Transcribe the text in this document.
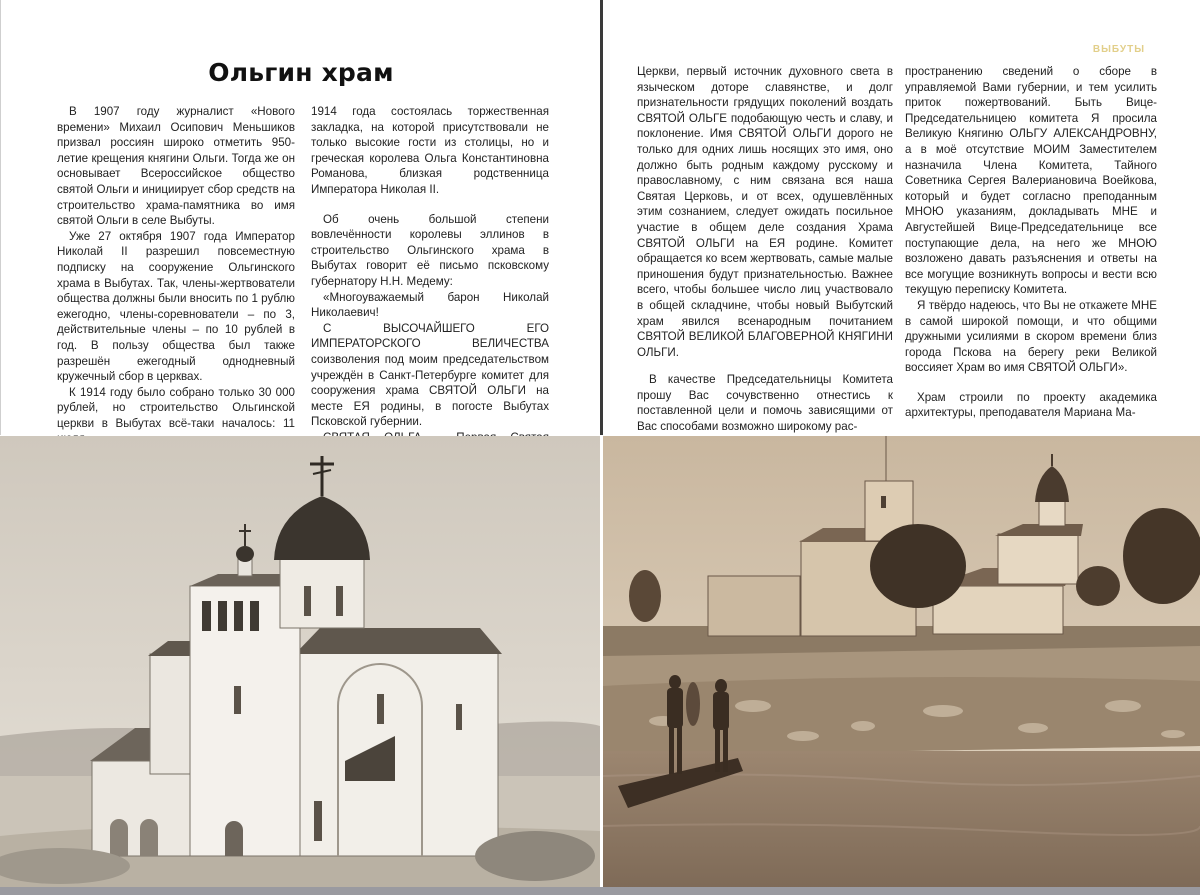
Ольгин храм

В 1907 году журналист «Нового времени» Михаил Осипович Меньшиков призвал россиян широко отметить 950-летие крещения княгини Ольги. Тогда же он основывает Всероссийское общество святой Ольги и инициирует сбор средств на строительство храма-памятника во имя святой Ольги в селе Выбуты.

Уже 27 октября 1907 года Император Николай II разрешил повсеместную подписку на сооружение Ольгинского храма в Выбутах. Так, члены-жертвователи общества должны были вносить по 1 рублю ежегодно, члены-соревнователи – по 3, действительные члены – по 10 рублей в год. В пользу общества был также разрешён ежегодный однодневный кружечный сбор в церквах.

К 1914 году было собрано только 30 000 рублей, но строительство Ольгинской церкви в Выбутах всё-таки началось: 11

1914 года состоялась торжественная закладка, на которой присутствовали не только высокие гости из столицы, но и греческая королева Ольга Константиновна Романова, близкая родственница Императора Николая II.

Об очень большой степени вовлечённости королевы эллинов в строительство Ольгинского храма в Выбутах говорит её письмо псковскому губернатору Н.Н. Медему:

«Многоуважаемый барон Николай Николаевич!

С ВЫСОЧАЙШЕГО ЕГО ИМПЕРАТОРСКОГО ВЕЛИЧЕСТВА соизволения под моим председательством учреждён в Санкт-Петербурге комитет для сооружения храма СВЯТОЙ ОЛЬГИ на месте ЕЯ родины, в погосте Выбутах Псковской губернии.

ВЫБУТЫ

Церкви, первый источник духовного света в языческом доторе славянстве, и долг признательности грядущих поколений воздать СВЯТОЙ ОЛЬГЕ подобающую честь и славу, и поклонение. Имя СВЯТОЙ ОЛЬГИ дорого не только для одних лишь носящих это имя, оно должно быть родным каждому русскому и православному, с ним связана вся наша Святая Церковь, и от всех, одушевлённых этим сознанием, следует ожидать посильное участие в общем деле создания Храма СВЯТОЙ ОЛЬГИ на ЕЯ родине. Комитет обращается ко всем жертвовать, самые малые приношения будут признательностью. Важнее всего, чтобы большее число лиц участвовало в общей складчине, чтобы новый Выбутский храм явился всенародным почитанием СВЯТОЙ ВЕЛИКОЙ БЛАГОВЕРНОЙ КНЯГИНИ ОЛЬГИ.

В качестве Председательницы Комитета прошу Вас сочувственно отнестись к поставленной цели и помочь зависящими от Вас способами возможно широкому рас-

пространению сведений о сборе в управляемой Вами губернии, и тем усилить приток пожертвований. Быть Вице-Председательницею комитета Я просила Великую Княгиню ОЛЬГУ АЛЕКСАНДРОВНУ, а в моё отсутствие МОИМ Заместителем назначила Члена Комитета, Тайного Советника Сергея Валериановича Воейкова, который и будет согласно преподанным МНОЮ указаниям, докладывать МНЕ и Августейшей Вице-Председательнице все поступающие дела, на него же МНОЮ возложено давать разъяснения и ответы на все могущие возникнуть вопросы и вести всю текущую переписку Комитета.

Я твёрдо надеюсь, что Вы не откажете МНЕ в самой широкой помощи, и что общими дружными усилиями в скором времени близ города Пскова на берегу реки Великой воссияет Храм во имя СВЯТОЙ ОЛЬГИ».

Храм строили по проекту академика архитектуры, преподавателя Мариана Ма-
